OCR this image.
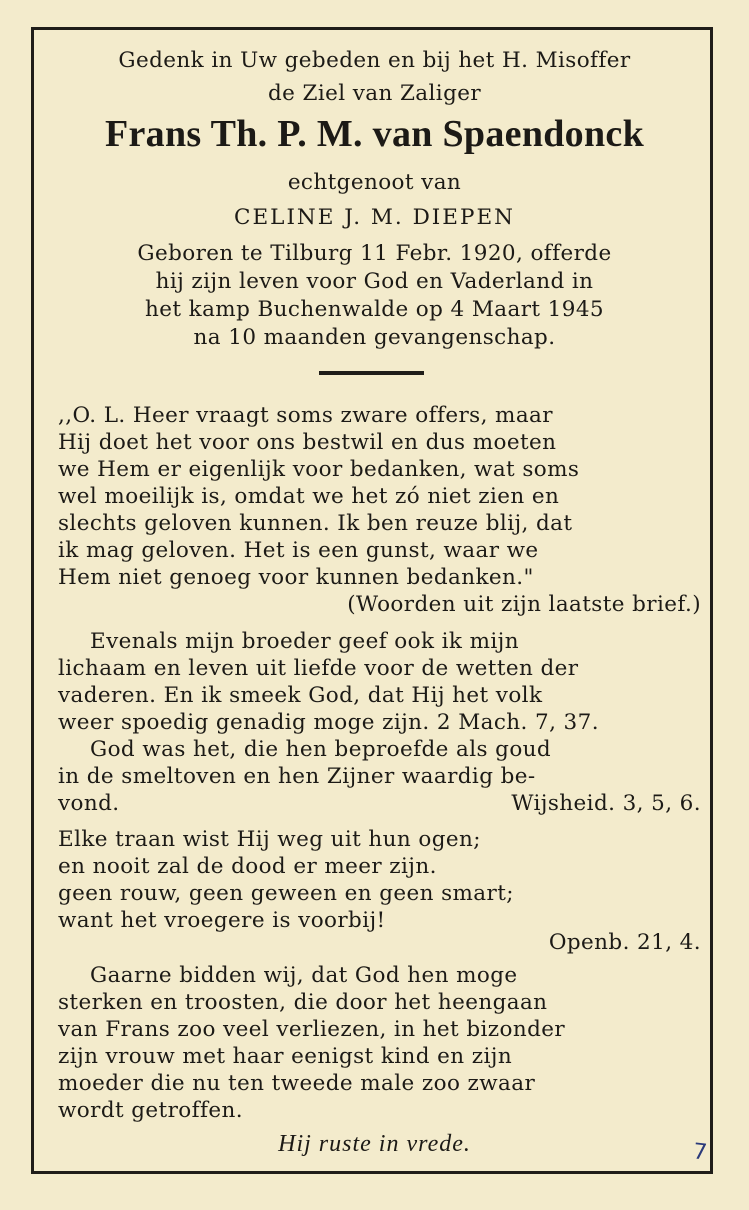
Gedenk in Uw gebeden en bij het H. Misoffer
de Ziel van Zaliger
Frans Th. P. M. van Spaendonck
echtgenoot van
CELINE J. M. DIEPEN
Geboren te Tilburg 11 Febr. 1920, offerde
hij zijn leven voor God en Vaderland in
het kamp Buchenwalde op 4 Maart 1945
na 10 maanden gevangenschap.
,,O. L. Heer vraagt soms zware offers, maar
Hij doet het voor ons bestwil en dus moeten
we Hem er eigenlijk voor bedanken, wat soms
wel moeilijk is, omdat we het zó niet zien en
slechts geloven kunnen. Ik ben reuze blij, dat
ik mag geloven. Het is een gunst, waar we
Hem niet genoeg voor kunnen bedanken."
(Woorden uit zijn laatste brief.)
Evenals mijn broeder geef ook ik mijn
lichaam en leven uit liefde voor de wetten der
vaderen. En ik smeek God, dat Hij het volk
weer spoedig genadig moge zijn. 2 Mach. 7, 37.
God was het, die hen beproefde als goud
in de smeltoven en hen Zijner waardig be-
vond.	Wijsheid. 3, 5, 6.
Elke traan wist Hij weg uit hun ogen;
en nooit zal de dood er meer zijn.
geen rouw, geen geween en geen smart;
want het vroegere is voorbij!
Openb. 21, 4.
Gaarne bidden wij, dat God hen moge
sterken en troosten, die door het heengaan
van Frans zoo veel verliezen, in het bizonder
zijn vrouw met haar eenigst kind en zijn
moeder die nu ten tweede male zoo zwaar
wordt getroffen.
Hij ruste in vrede.	7
